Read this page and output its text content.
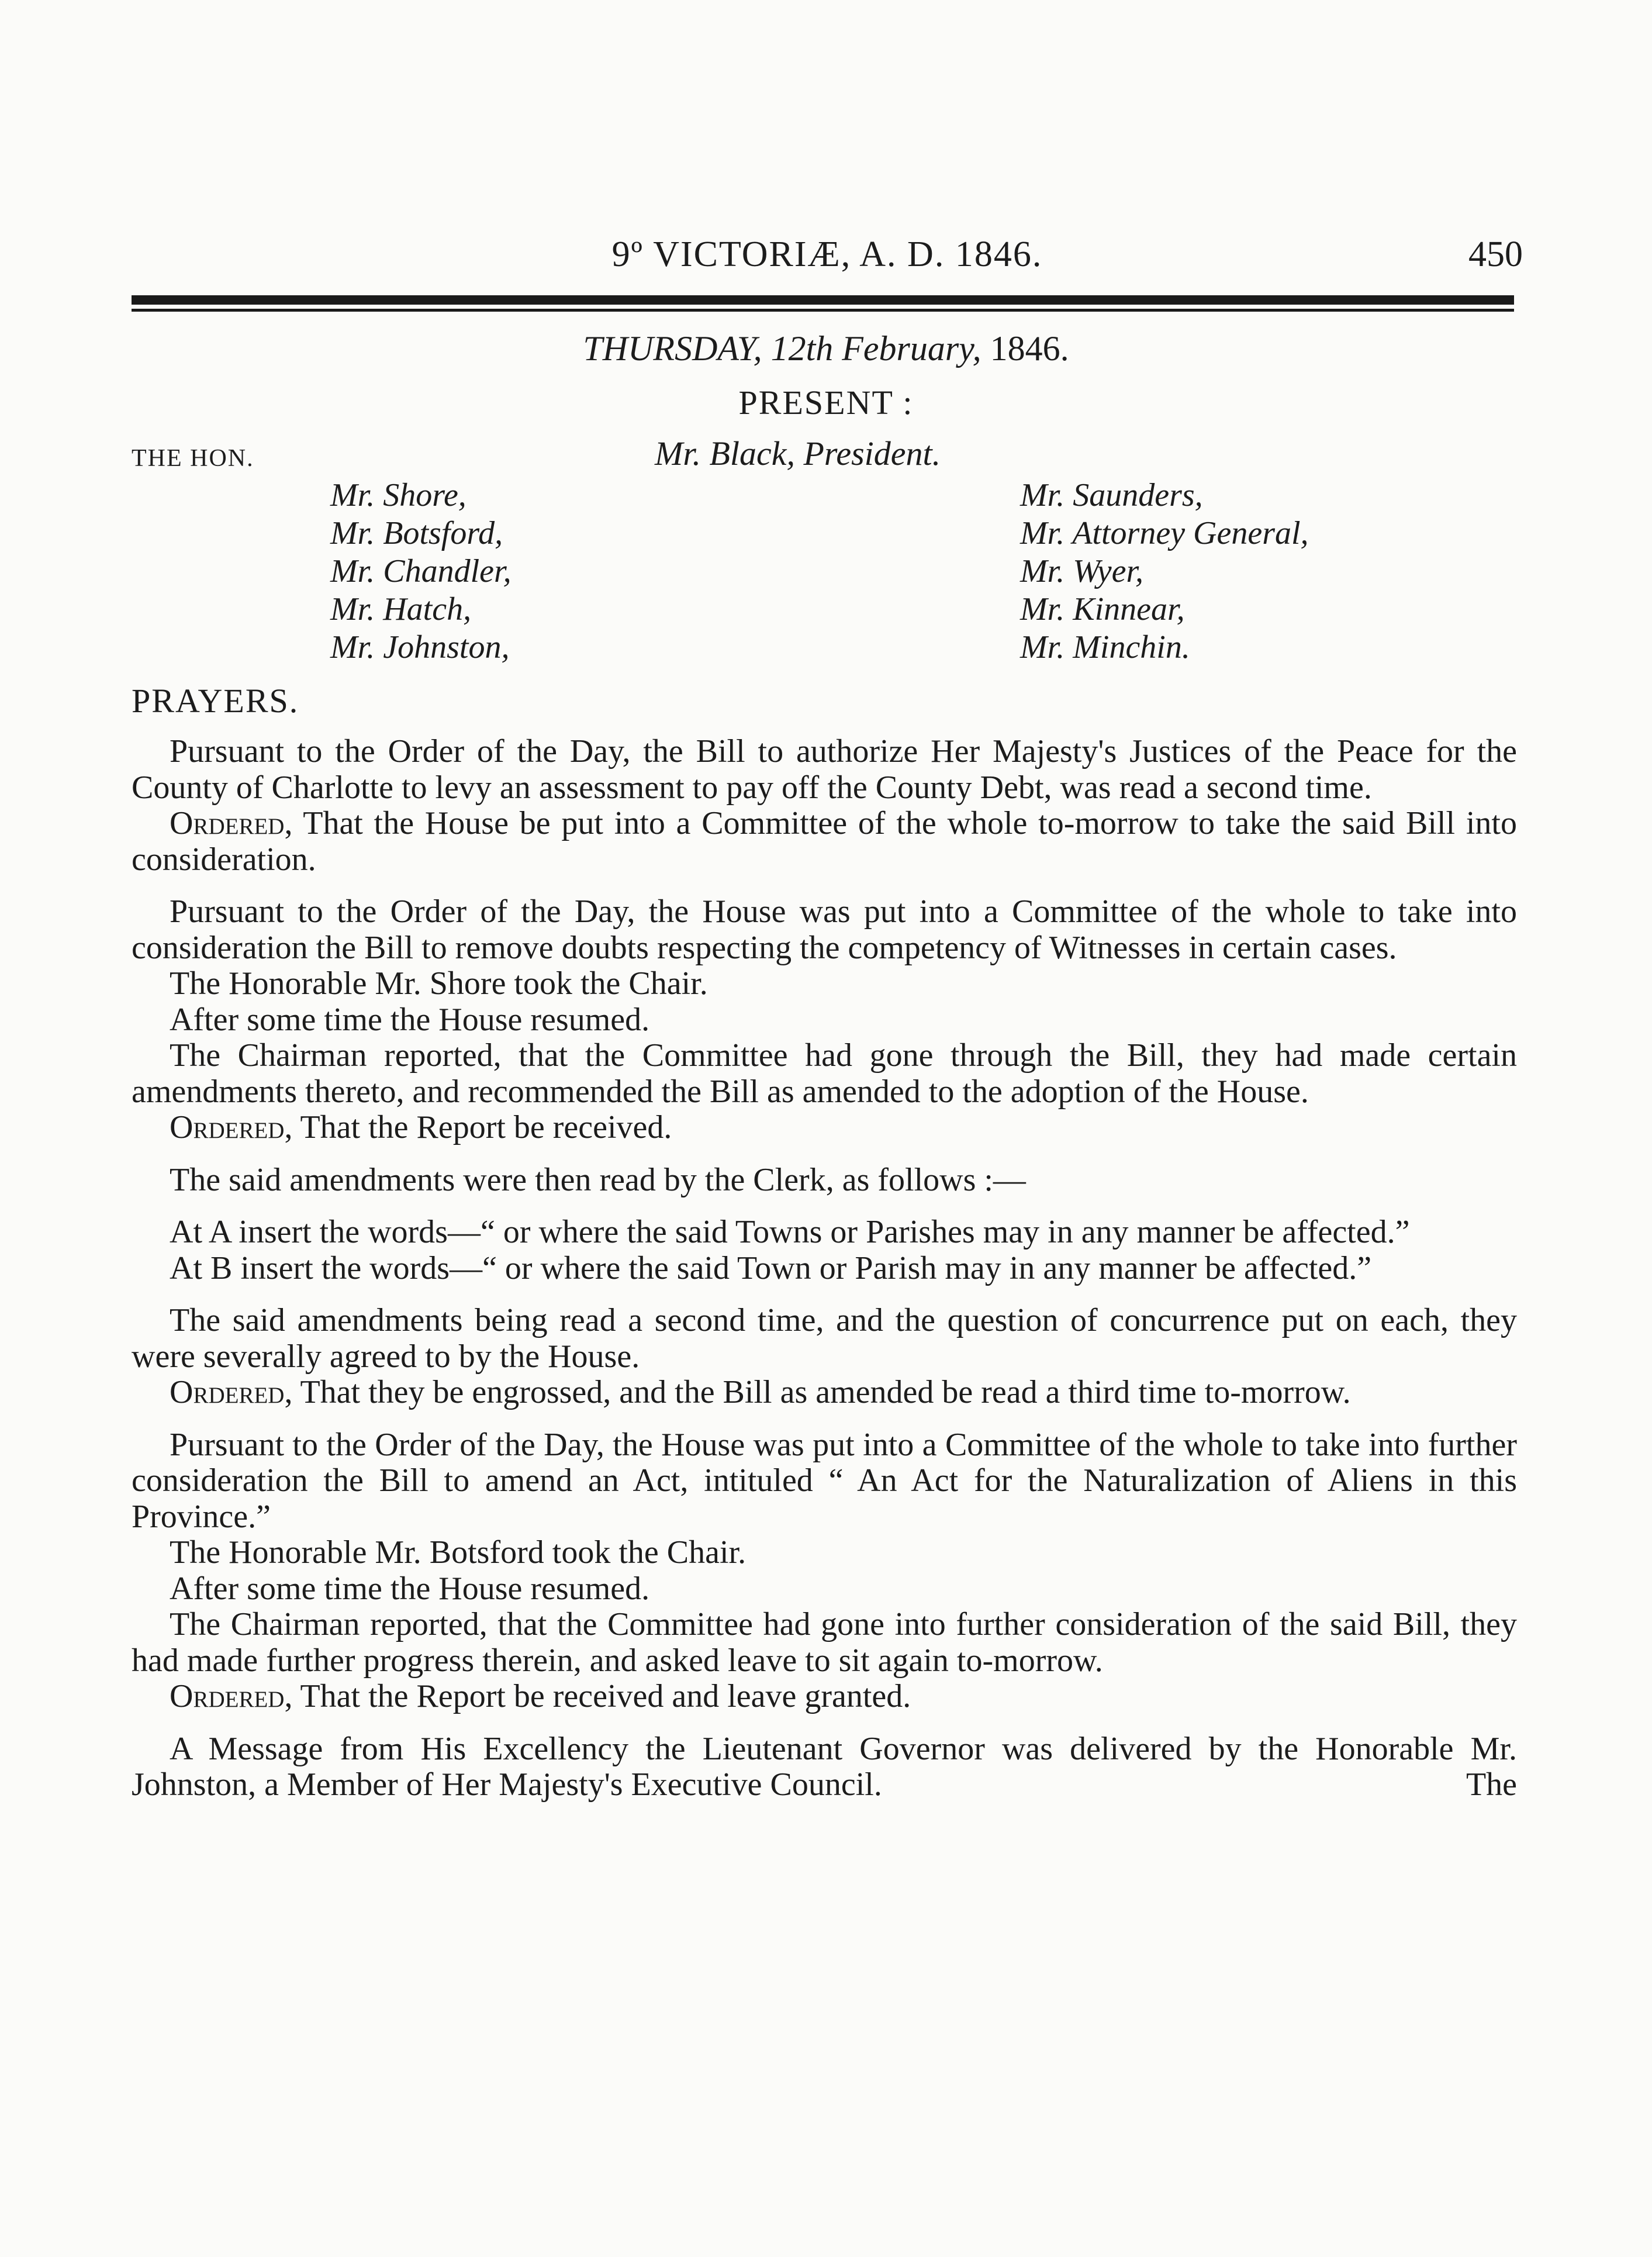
9º VICTORIÆ, A. D. 1846.	450
THURSDAY, 12th February, 1846.
PRESENT :
THE HON.	Mr. Black, President.
Mr. Shore,
Mr. Botsford,
Mr. Chandler,
Mr. Hatch,
Mr. Johnston,
Mr. Saunders,
Mr. Attorney General,
Mr. Wyer,
Mr. Kinnear,
Mr. Minchin.
PRAYERS.

Pursuant to the Order of the Day, the Bill to authorize Her Majesty's Justices of the Peace for the County of Charlotte to levy an assessment to pay off the County Debt, was read a second time.

Ordered, That the House be put into a Committee of the whole to-morrow to take the said Bill into consideration.

Pursuant to the Order of the Day, the House was put into a Committee of the whole to take into consideration the Bill to remove doubts respecting the competency of Witnesses in certain cases.

The Honorable Mr. Shore took the Chair.

After some time the House resumed.

The Chairman reported, that the Committee had gone through the Bill, they had made certain amendments thereto, and recommended the Bill as amended to the adoption of the House.

Ordered, That the Report be received.

The said amendments were then read by the Clerk, as follows :—

At A insert the words—“ or where the said Towns or Parishes may in any manner be affected.”

At B insert the words—“ or where the said Town or Parish may in any manner be affected.”

The said amendments being read a second time, and the question of concurrence put on each, they were severally agreed to by the House.

Ordered, That they be engrossed, and the Bill as amended be read a third time to-morrow.

Pursuant to the Order of the Day, the House was put into a Committee of the whole to take into further consideration the Bill to amend an Act, intituled “ An Act for the Naturalization of Aliens in this Province.”

The Honorable Mr. Botsford took the Chair.

After some time the House resumed.

The Chairman reported, that the Committee had gone into further consideration of the said Bill, they had made further progress therein, and asked leave to sit again to-morrow.

Ordered, That the Report be received and leave granted.

A Message from His Excellency the Lieutenant Governor was delivered by the Honorable Mr. Johnston, a Member of Her Majesty's Executive Council.	The
